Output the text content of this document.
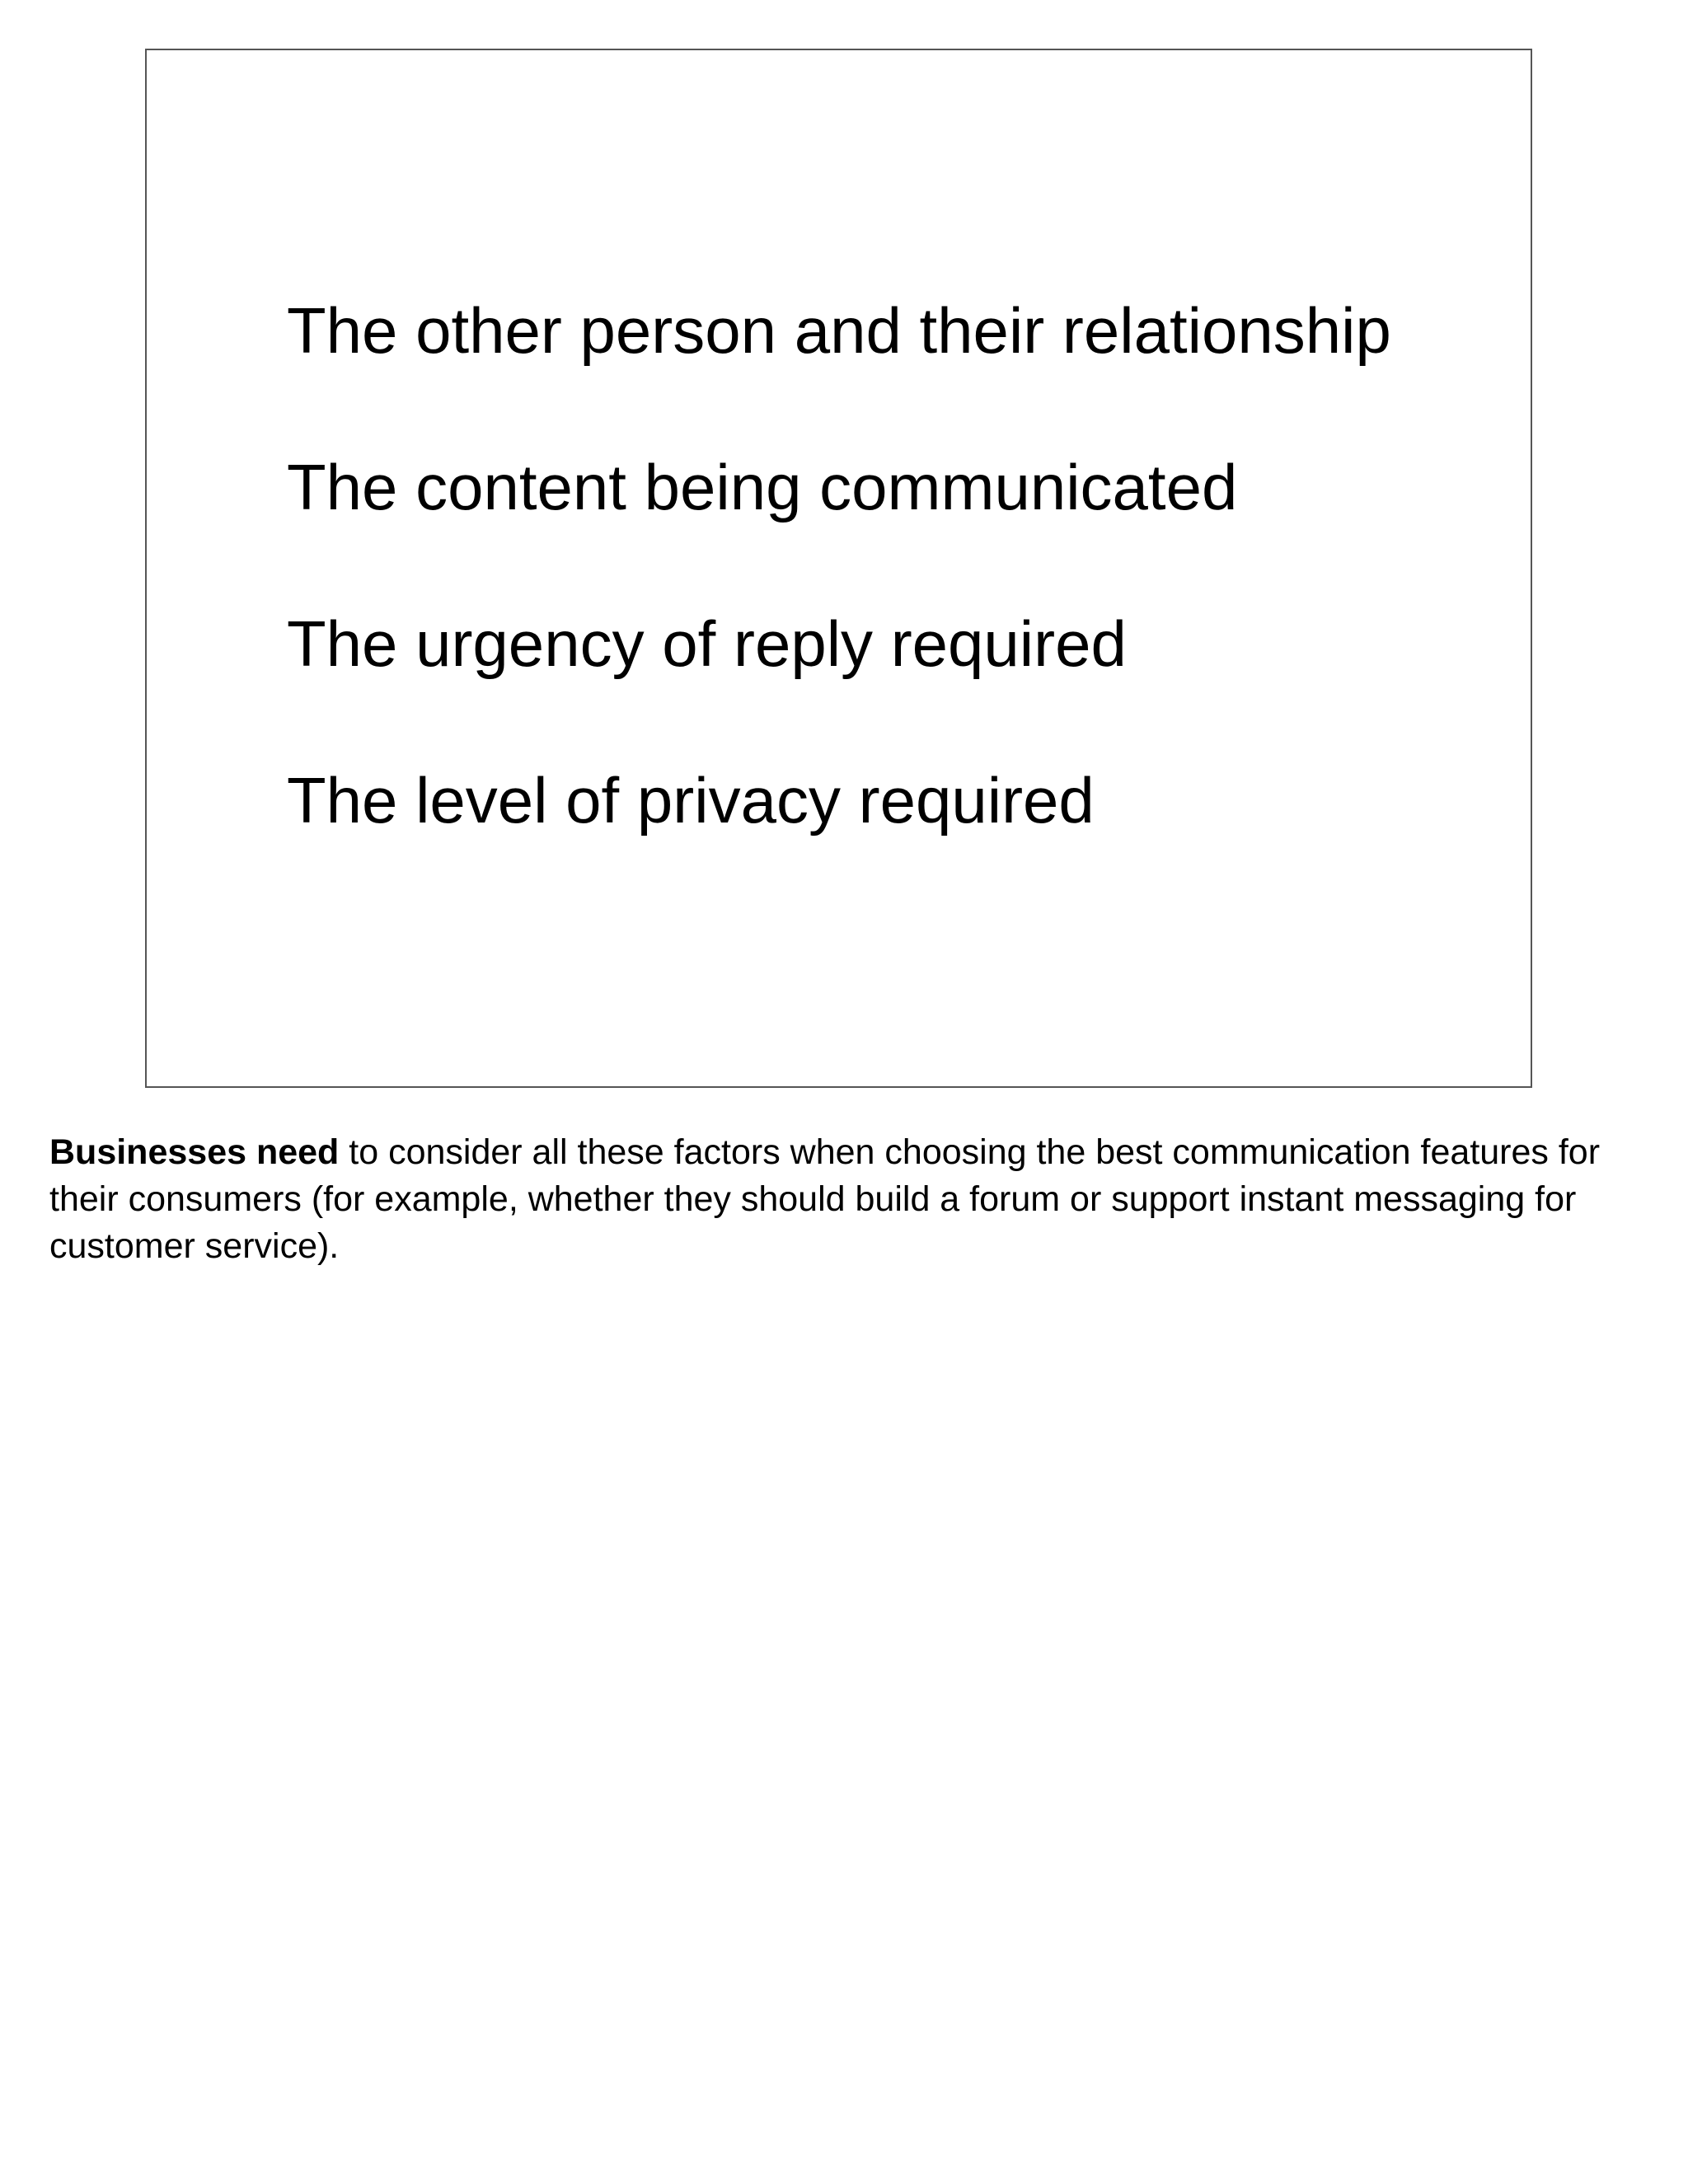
The other person and their relationship
The content being communicated
The urgency of reply required
The level of privacy required

Businesses need to consider all these factors when choosing the best communication features for their consumers (for example, whether they should build a forum or support instant messaging for customer service).
